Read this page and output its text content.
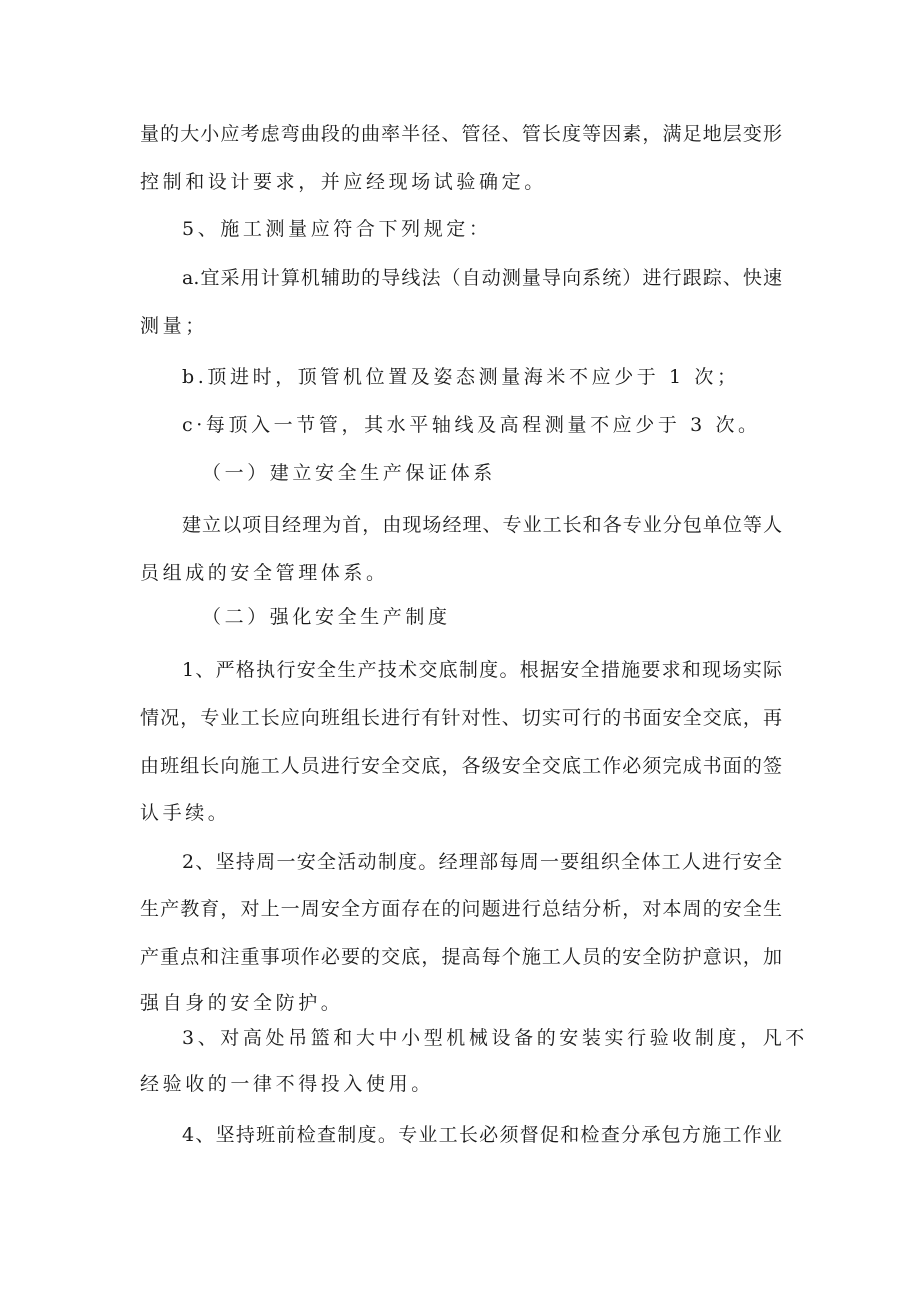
量的大小应考虑弯曲段的曲率半径、管径、管长度等因素，满足地层变形
控制和设计要求，并应经现场试验确定。
5、施工测量应符合下列规定：
a.宜采用计算机辅助的导线法（自动测量导向系统）进行跟踪、快速
测量；
b.顶进时，顶管机位置及姿态测量海米不应少于 1 次；
c·每顶入一节管，其水平轴线及高程测量不应少于 3 次。
（一）建立安全生产保证体系
建立以项目经理为首，由现场经理、专业工长和各专业分包单位等人
员组成的安全管理体系。
（二）强化安全生产制度
1、严格执行安全生产技术交底制度。根据安全措施要求和现场实际
情况，专业工长应向班组长进行有针对性、切实可行的书面安全交底，再
由班组长向施工人员进行安全交底，各级安全交底工作必须完成书面的签
认手续。
2、坚持周一安全活动制度。经理部每周一要组织全体工人进行安全
生产教育，对上一周安全方面存在的问题进行总结分析，对本周的安全生
产重点和注重事项作必要的交底，提高每个施工人员的安全防护意识，加
强自身的安全防护。
3、对高处吊篮和大中小型机械设备的安装实行验收制度，凡不
经验收的一律不得投入使用。
4、坚持班前检查制度。专业工长必须督促和检查分承包方施工作业
